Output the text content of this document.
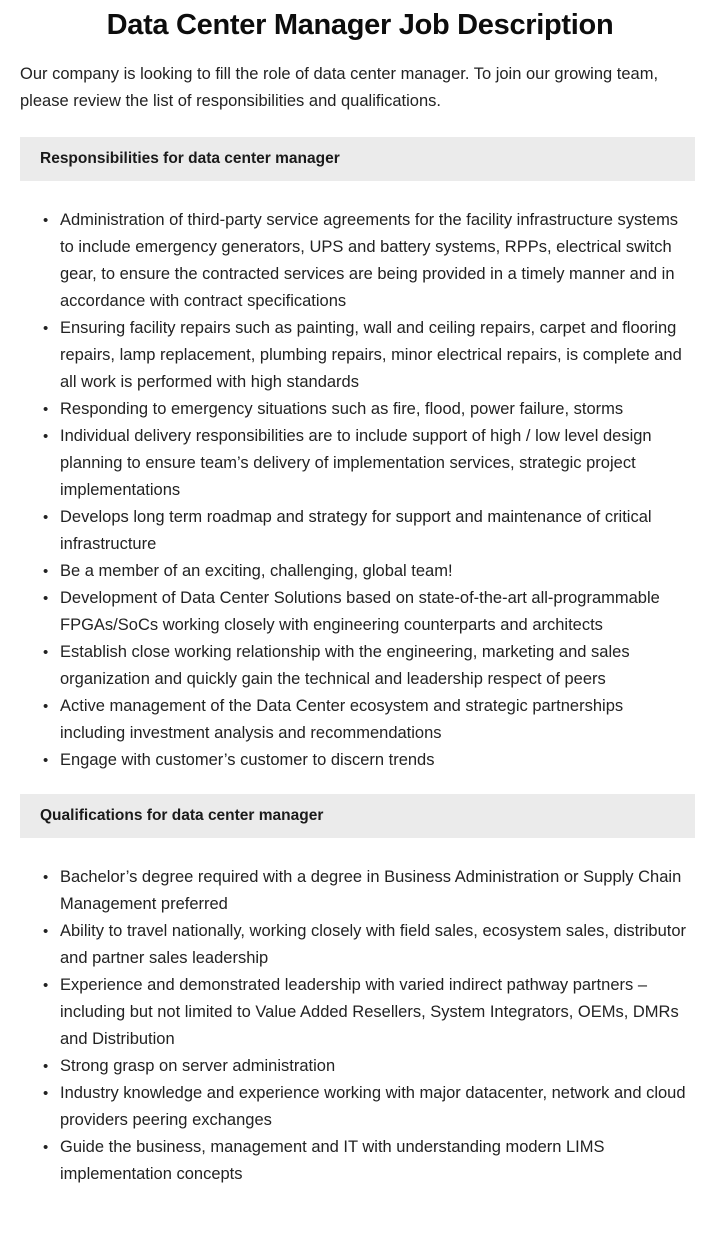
Data Center Manager Job Description

Our company is looking to fill the role of data center manager. To join our growing team, please review the list of responsibilities and qualifications.

Responsibilities for data center manager
• Administration of third-party service agreements for the facility infrastructure systems to include emergency generators, UPS and battery systems, RPPs, electrical switch gear, to ensure the contracted services are being provided in a timely manner and in accordance with contract specifications
• Ensuring facility repairs such as painting, wall and ceiling repairs, carpet and flooring repairs, lamp replacement, plumbing repairs, minor electrical repairs, is complete and all work is performed with high standards
• Responding to emergency situations such as fire, flood, power failure, storms
• Individual delivery responsibilities are to include support of high / low level design planning to ensure team’s delivery of implementation services, strategic project implementations
• Develops long term roadmap and strategy for support and maintenance of critical infrastructure
• Be a member of an exciting, challenging, global team!
• Development of Data Center Solutions based on state-of-the-art all-programmable FPGAs/SoCs working closely with engineering counterparts and architects
• Establish close working relationship with the engineering, marketing and sales organization and quickly gain the technical and leadership respect of peers
• Active management of the Data Center ecosystem and strategic partnerships including investment analysis and recommendations
• Engage with customer’s customer to discern trends
Qualifications for data center manager
• Bachelor’s degree required with a degree in Business Administration or Supply Chain Management preferred
• Ability to travel nationally, working closely with field sales, ecosystem sales, distributor and partner sales leadership
• Experience and demonstrated leadership with varied indirect pathway partners – including but not limited to Value Added Resellers, System Integrators, OEMs, DMRs and Distribution
• Strong grasp on server administration
• Industry knowledge and experience working with major datacenter, network and cloud providers peering exchanges
• Guide the business, management and IT with understanding modern LIMS implementation concepts
